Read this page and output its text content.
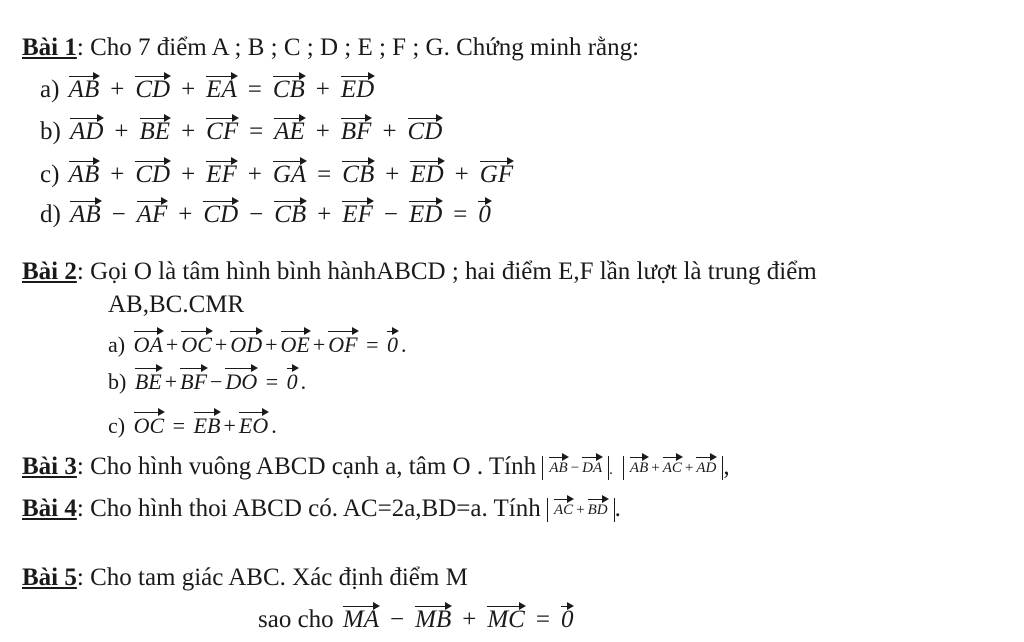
Bài 1: Cho 7 điểm A ; B ; C ; D ; E ; F ; G. Chứng minh rằng:
a) AB + CD + EA = CB + ED
b) AD + BE + CF = AE + BF + CD
c) AB + CD + EF + GA = CB + ED + GF
d) AB − AF + CD − CB + EF − ED = 0
Bài 2: Gọi O là tâm hình bình hànhABCD ; hai điểm E,F lần lượt là trung điểm
AB,BC.CMR
a) OA + OC + OD + OE + OF = 0 .
b) BE + BF − DO = 0 .
c) OC = EB + EO .
Bài 3: Cho hình vuông ABCD cạnh a, tâm O . Tính AB − DA . AB + AC + AD ,
Bài 4: Cho hình thoi ABCD có. AC=2a,BD=a. Tính AC + BD .
Bài 5: Cho tam giác ABC. Xác định điểm M
sao cho MA − MB + MC = 0
